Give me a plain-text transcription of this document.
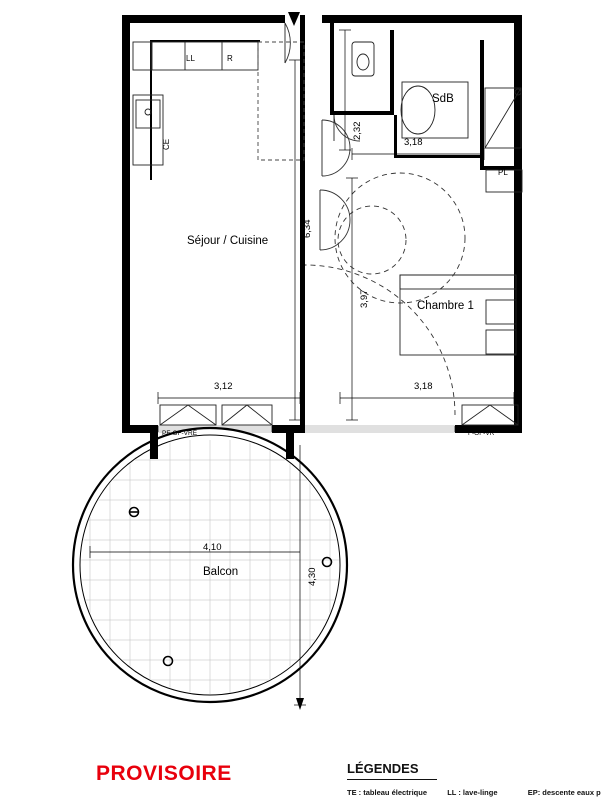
Séjour / Cuisine
SdB
Chambre 1
Balcon
PL
LL	R
CE
3,12	3,18
3,18
2,32
6,34
3,97
4,10
4,30
PF-OF-VRE	F-OF-VR
PROVISOIRE	LÉGENDES
TE : tableau électrique	LL : lave-linge	EP: descente eaux p
